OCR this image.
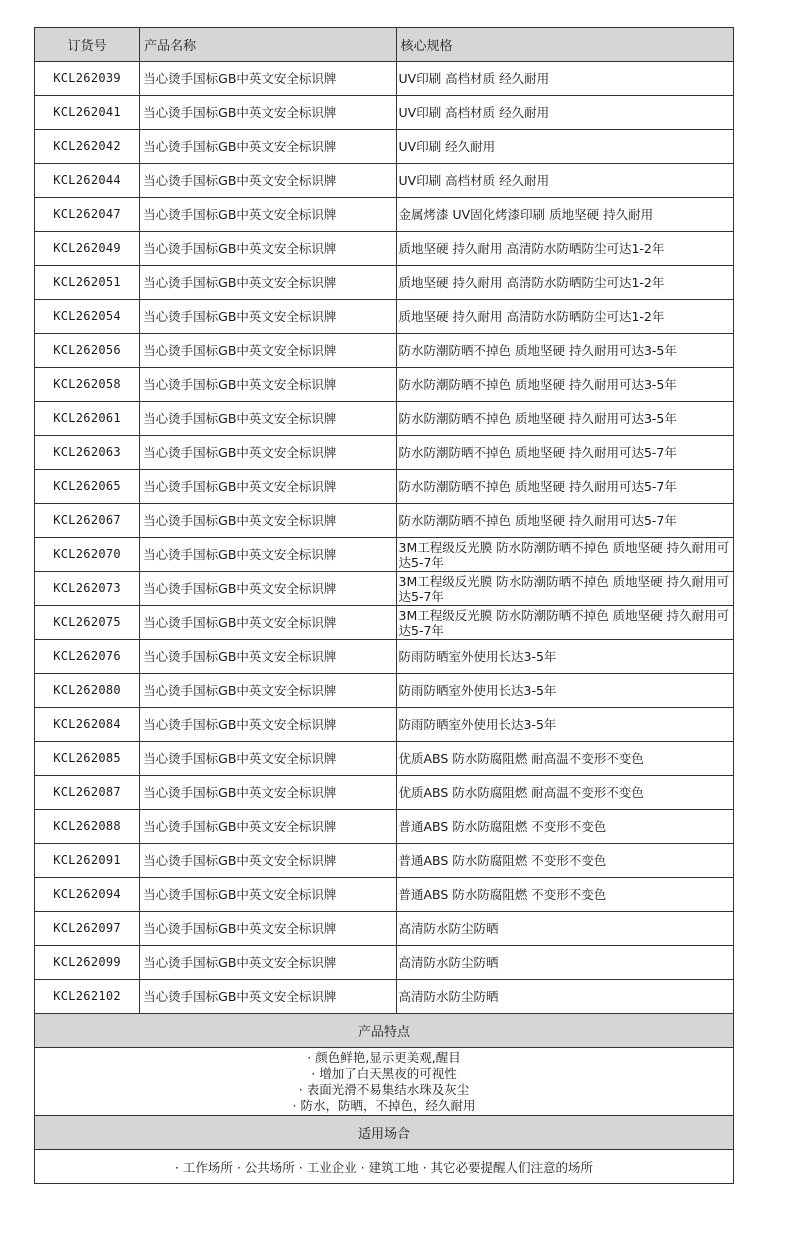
订货号	产品名称	核心规格
KCL262039	当心烫手国标GB中英文安全标识牌	UV印刷 高档材质 经久耐用
KCL262041	当心烫手国标GB中英文安全标识牌	UV印刷 高档材质 经久耐用
KCL262042	当心烫手国标GB中英文安全标识牌	UV印刷 经久耐用
KCL262044	当心烫手国标GB中英文安全标识牌	UV印刷 高档材质 经久耐用
KCL262047	当心烫手国标GB中英文安全标识牌	金属烤漆 UV固化烤漆印刷 质地坚硬 持久耐用
KCL262049	当心烫手国标GB中英文安全标识牌	质地坚硬 持久耐用 高清防水防晒防尘可达1-2年
KCL262051	当心烫手国标GB中英文安全标识牌	质地坚硬 持久耐用 高清防水防晒防尘可达1-2年
KCL262054	当心烫手国标GB中英文安全标识牌	质地坚硬 持久耐用 高清防水防晒防尘可达1-2年
KCL262056	当心烫手国标GB中英文安全标识牌	防水防潮防晒不掉色 质地坚硬 持久耐用可达3-5年
KCL262058	当心烫手国标GB中英文安全标识牌	防水防潮防晒不掉色 质地坚硬 持久耐用可达3-5年
KCL262061	当心烫手国标GB中英文安全标识牌	防水防潮防晒不掉色 质地坚硬 持久耐用可达3-5年
KCL262063	当心烫手国标GB中英文安全标识牌	防水防潮防晒不掉色 质地坚硬 持久耐用可达5-7年
KCL262065	当心烫手国标GB中英文安全标识牌	防水防潮防晒不掉色 质地坚硬 持久耐用可达5-7年
KCL262067	当心烫手国标GB中英文安全标识牌	防水防潮防晒不掉色 质地坚硬 持久耐用可达5-7年
KCL262070	当心烫手国标GB中英文安全标识牌	3M工程级反光膜 防水防潮防晒不掉色 质地坚硬 持久耐用可达5-7年
KCL262073	当心烫手国标GB中英文安全标识牌	3M工程级反光膜 防水防潮防晒不掉色 质地坚硬 持久耐用可达5-7年
KCL262075	当心烫手国标GB中英文安全标识牌	3M工程级反光膜 防水防潮防晒不掉色 质地坚硬 持久耐用可达5-7年
KCL262076	当心烫手国标GB中英文安全标识牌	防雨防晒室外使用长达3-5年
KCL262080	当心烫手国标GB中英文安全标识牌	防雨防晒室外使用长达3-5年
KCL262084	当心烫手国标GB中英文安全标识牌	防雨防晒室外使用长达3-5年
KCL262085	当心烫手国标GB中英文安全标识牌	优质ABS 防水防腐阻燃 耐高温不变形不变色
KCL262087	当心烫手国标GB中英文安全标识牌	优质ABS 防水防腐阻燃 耐高温不变形不变色
KCL262088	当心烫手国标GB中英文安全标识牌	普通ABS 防水防腐阻燃 不变形不变色
KCL262091	当心烫手国标GB中英文安全标识牌	普通ABS 防水防腐阻燃 不变形不变色
KCL262094	当心烫手国标GB中英文安全标识牌	普通ABS 防水防腐阻燃 不变形不变色
KCL262097	当心烫手国标GB中英文安全标识牌	高清防水防尘防晒
KCL262099	当心烫手国标GB中英文安全标识牌	高清防水防尘防晒
KCL262102	当心烫手国标GB中英文安全标识牌	高清防水防尘防晒
产品特点		

· 颜色鲜艳,显示更美观,醒目
· 增加了白天黑夜的可视性
· 表面光滑不易集结水珠及灰尘
· 防水，防晒，不掉色，经久耐用		

适用场合		
· 工作场所 · 公共场所 · 工业企业 · 建筑工地 · 其它必要提醒人们注意的场所		
